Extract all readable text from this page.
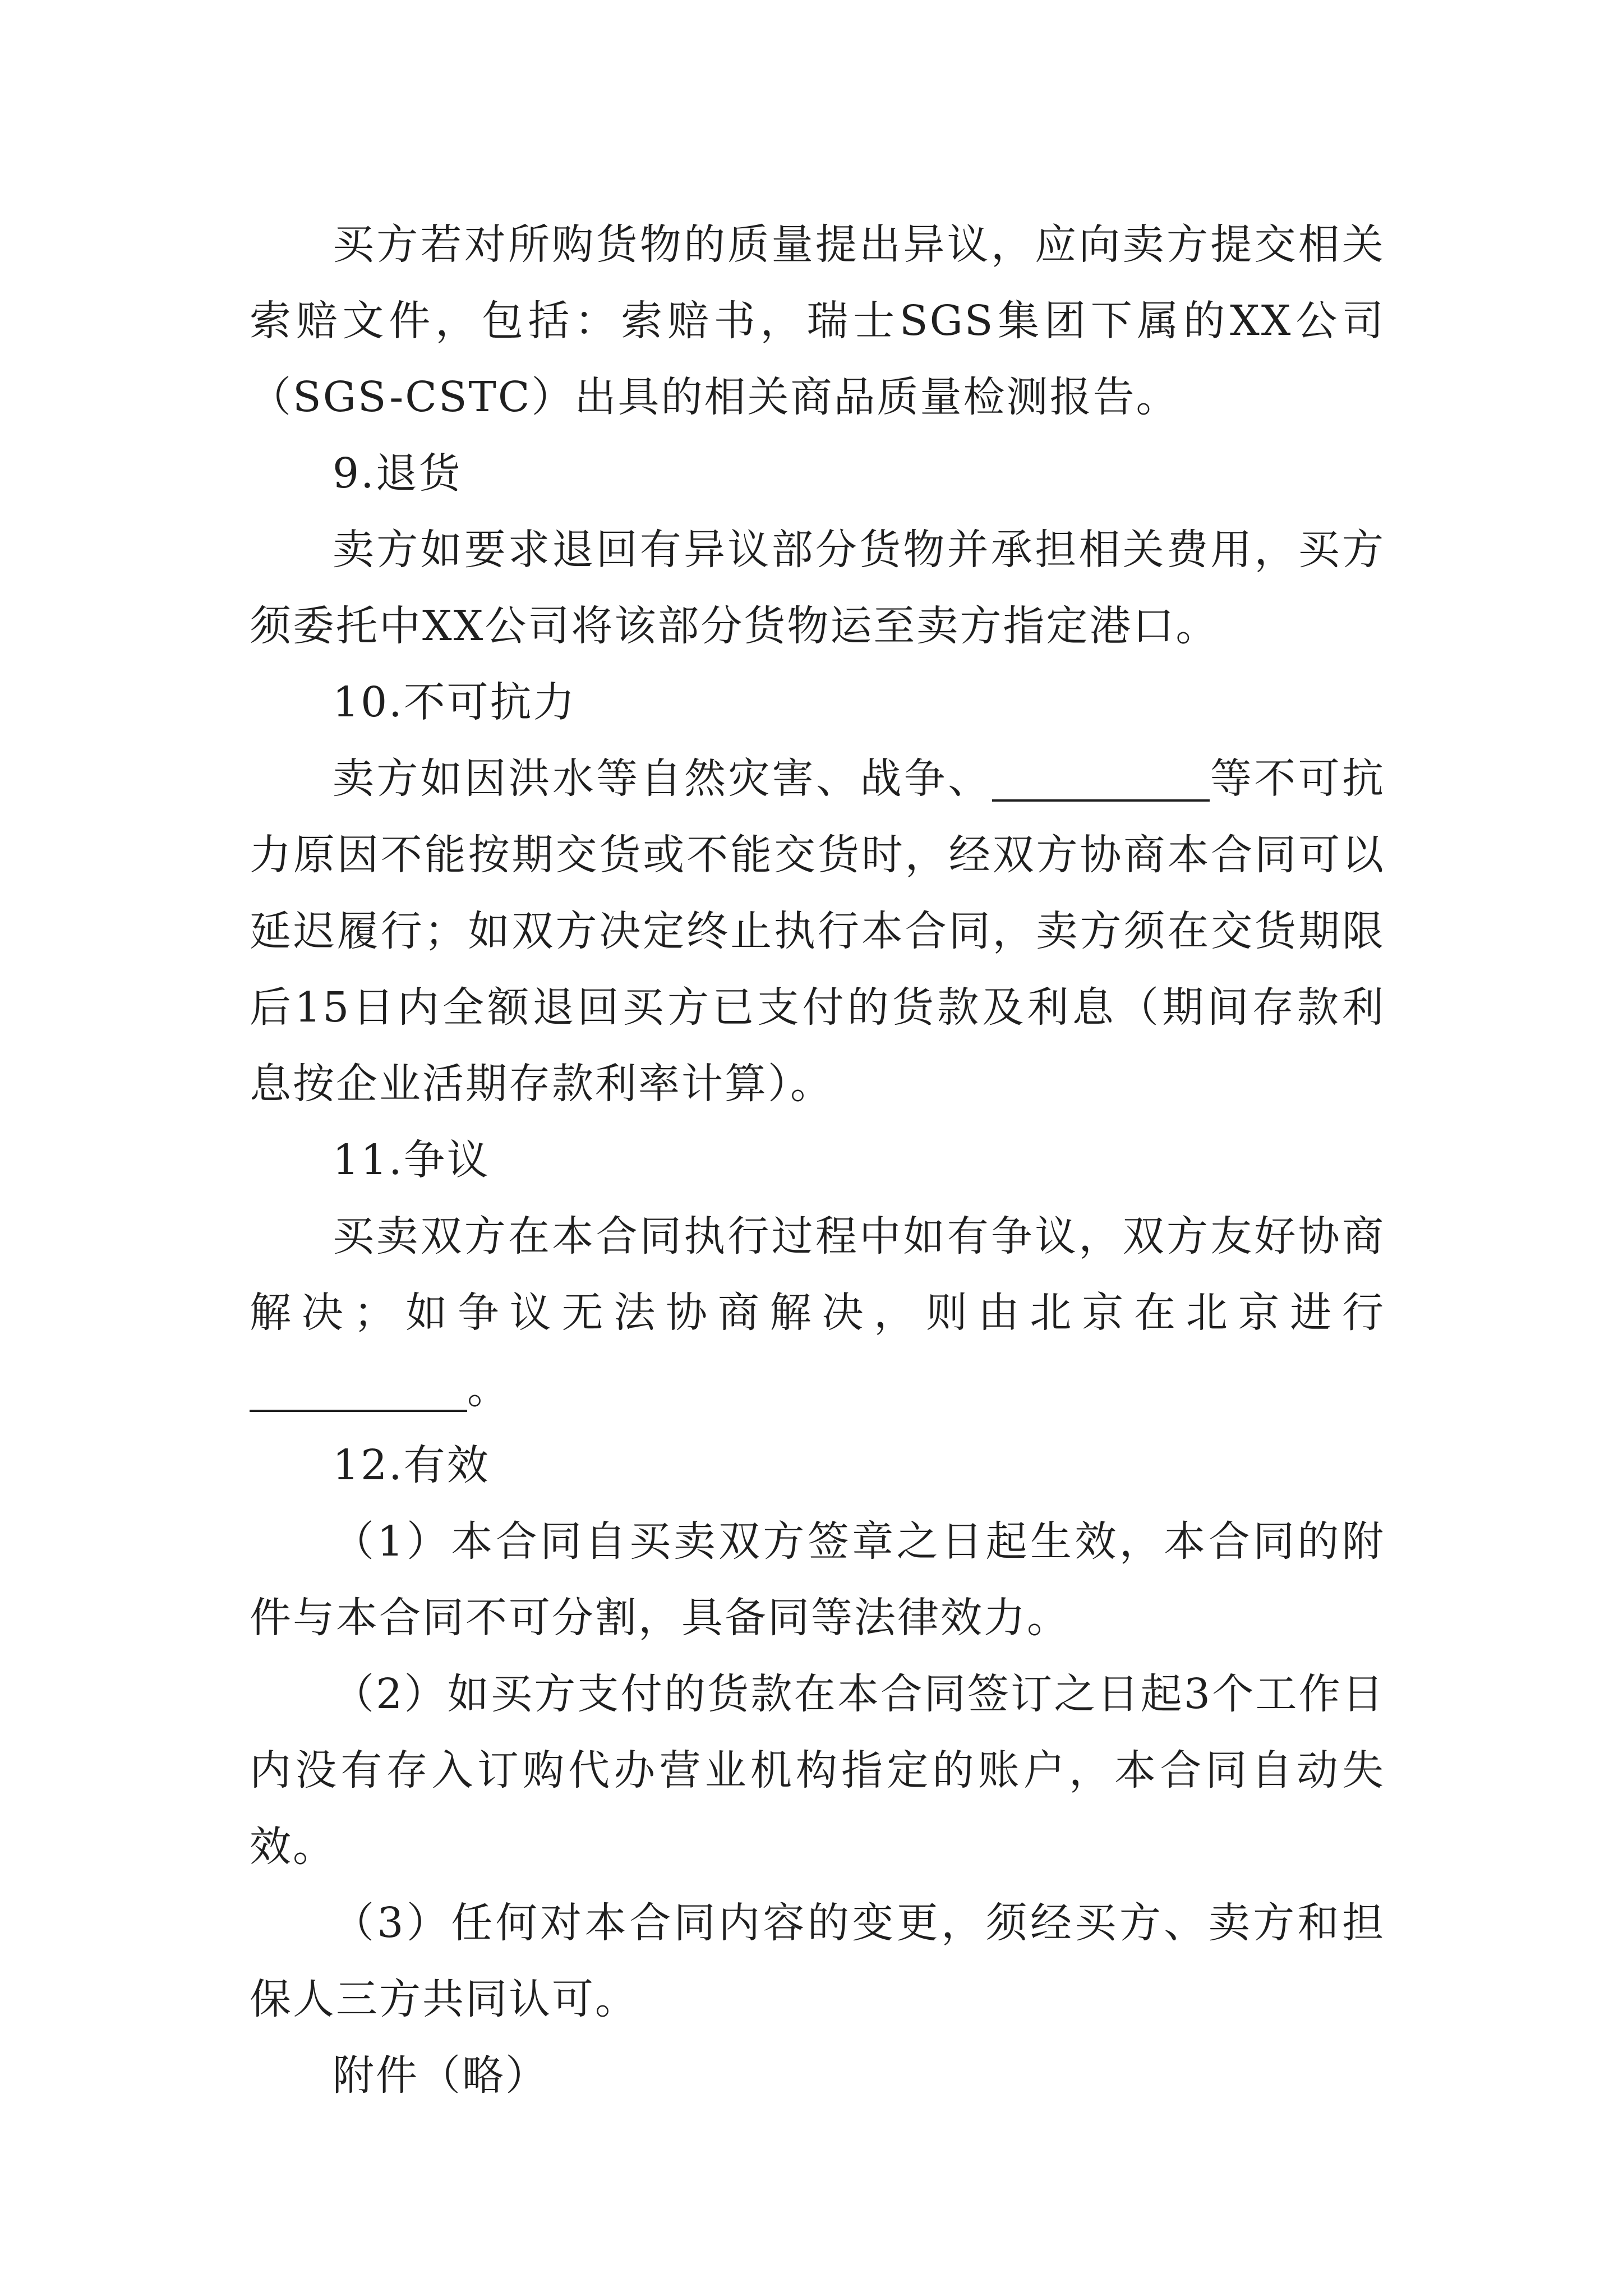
买方若对所购货物的质量提出异议，应向卖方提交相关索赔文件，包括：索赔书，瑞士SGS集团下属的XX公司（SGS-CSTC）出具的相关商品质量检测报告。

9.退货

卖方如要求退回有异议部分货物并承担相关费用，买方须委托中XX公司将该部分货物运至卖方指定港口。

10.不可抗力

卖方如因洪水等自然灾害、战争、	等不可抗力原因不能按期交货或不能交货时，经双方协商本合同可以延迟履行；如双方决定终止执行本合同，卖方须在交货期限后15日内全额退回买方已支付的货款及利息（期间存款利息按企业活期存款利率计算）。

11.争议

买卖双方在本合同执行过程中如有争议，双方友好协商解决；如争议无法协商解决，则由北京在北京进行。

12.有效

（1）本合同自买卖双方签章之日起生效，本合同的附件与本合同不可分割，具备同等法律效力。

（2）如买方支付的货款在本合同签订之日起3个工作日内没有存入订购代办营业机构指定的账户，本合同自动失效。

（3）任何对本合同内容的变更，须经买方、卖方和担保人三方共同认可。

附件（略）
